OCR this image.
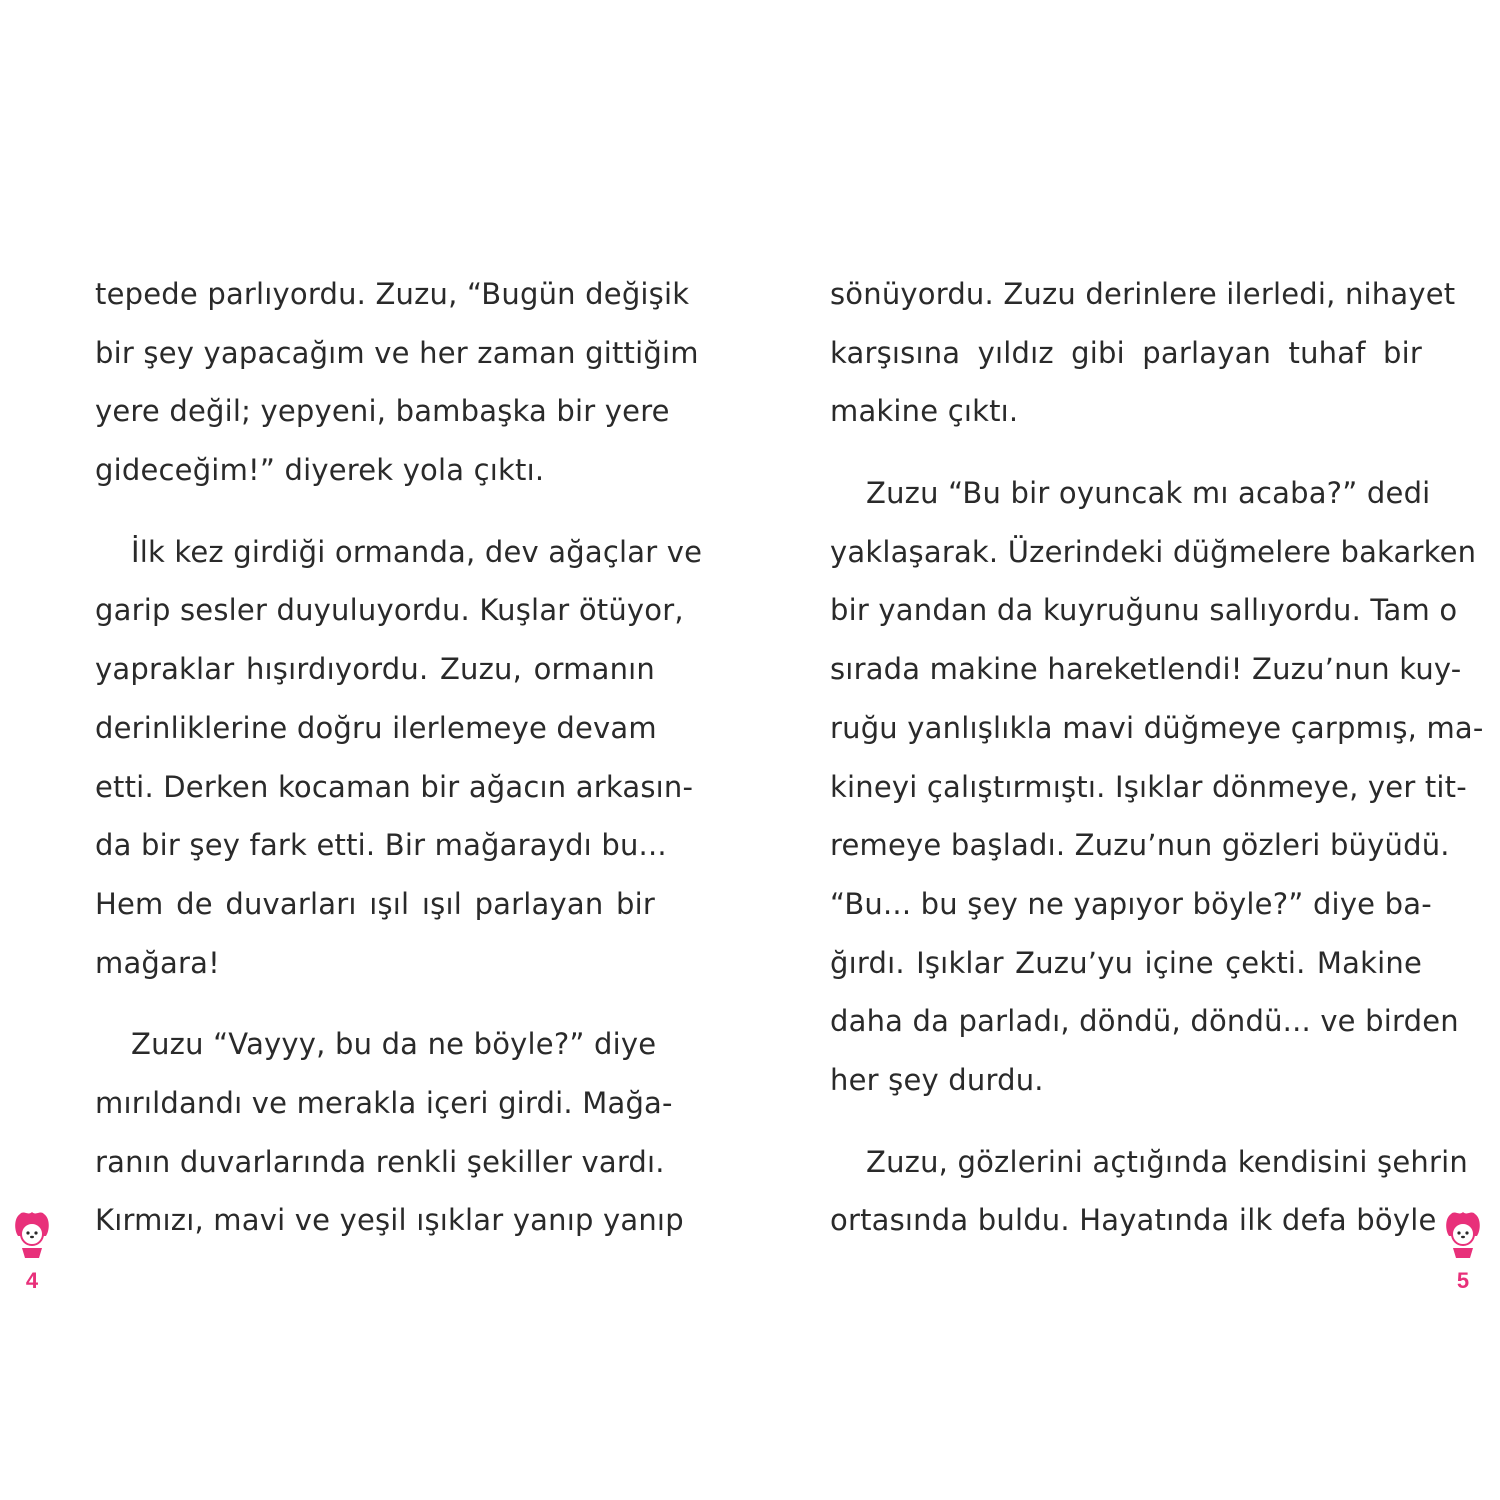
tepede parlıyordu. Zuzu, “Bugün değişik
bir şey yapacağım ve her zaman gittiğim
yere değil; yepyeni, bambaşka bir yere
gideceğim!” diyerek yola çıktı.
İlk kez girdiği ormanda, dev ağaçlar ve
garip sesler duyuluyordu. Kuşlar ötüyor,
yapraklar hışırdıyordu. Zuzu, ormanın
derinliklerine doğru ilerlemeye devam
etti. Derken kocaman bir ağacın arkasın-
da bir şey fark etti. Bir mağaraydı bu...
Hem de duvarları ışıl ışıl parlayan bir
mağara!
Zuzu “Vayyy, bu da ne böyle?” diye
mırıldandı ve merakla içeri girdi. Mağa-
ranın duvarlarında renkli şekiller vardı.
Kırmızı, mavi ve yeşil ışıklar yanıp yanıp
4
sönüyordu. Zuzu derinlere ilerledi, nihayet
karşısına yıldız gibi parlayan tuhaf bir
makine çıktı.
Zuzu “Bu bir oyuncak mı acaba?” dedi
yaklaşarak. Üzerindeki düğmelere bakarken
bir yandan da kuyruğunu sallıyordu. Tam o
sırada makine hareketlendi! Zuzu’nun kuy-
ruğu yanlışlıkla mavi düğmeye çarpmış, ma-
kineyi çalıştırmıştı. Işıklar dönmeye, yer tit-
remeye başladı. Zuzu’nun gözleri büyüdü.
“Bu... bu şey ne yapıyor böyle?” diye ba-
ğırdı. Işıklar Zuzu’yu içine çekti. Makine
daha da parladı, döndü, döndü... ve birden
her şey durdu.
Zuzu, gözlerini açtığında kendisini şehrin
ortasında buldu. Hayatında ilk defa böyle
5
